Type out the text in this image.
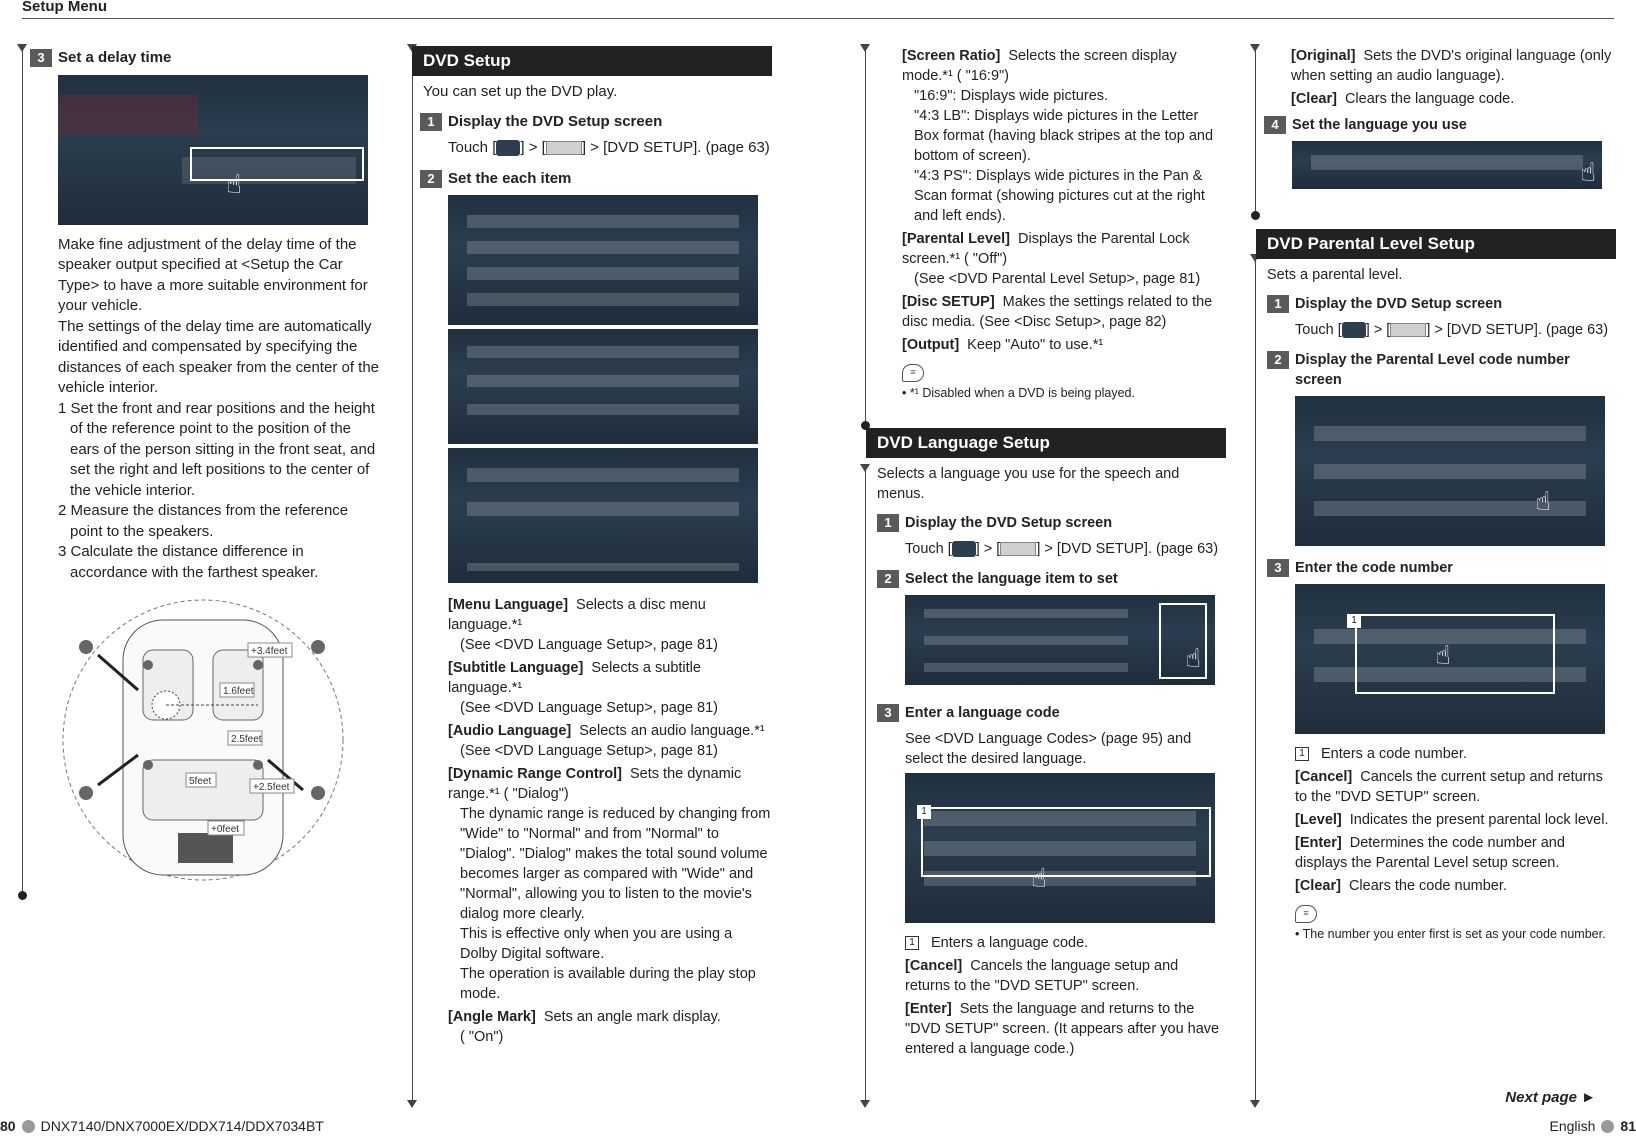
Setup Menu
3 Set a delay time
☝
Make fine adjustment of the delay time of the speaker output specified at <Setup the Car Type> to have a more suitable environment for your vehicle.
The settings of the delay time are automatically identified and compensated by specifying the distances of each speaker from the center of the vehicle interior.
1 Set the front and rear positions and the height of the reference point to the position of the ears of the person sitting in the front seat, and set the right and left positions to the center of the vehicle interior.
2 Measure the distances from the reference point to the speakers.
3 Calculate the distance difference in accordance with the farthest speaker.
+3.4feet
1.6feet
2.5feet
5feet
+2.5feet
+0feet
DVD Setup
You can set up the DVD play.
1 Display the DVD Setup screen
Touch [ ] > [ ] > [DVD SETUP]. (page 63)
2 Set the each item
[Menu Language] Selects a disc menu language.*¹
(See <DVD Language Setup>, page 81)
[Subtitle Language] Selects a subtitle language.*¹
(See <DVD Language Setup>, page 81)
[Audio Language] Selects an audio language.*¹
(See <DVD Language Setup>, page 81)
[Dynamic Range Control] Sets the dynamic range.*¹ ( "Dialog")
The dynamic range is reduced by changing from "Wide" to "Normal" and from "Normal" to "Dialog". "Dialog" makes the total sound volume becomes larger as compared with "Wide" and "Normal", allowing you to listen to the movie's dialog more clearly.
This is effective only when you are using a Dolby Digital software.
The operation is available during the play stop mode.
[Angle Mark] Sets an angle mark display.
( "On")
[Screen Ratio] Selects the screen display mode.*¹ ( "16:9")
"16:9": Displays wide pictures.
"4:3 LB": Displays wide pictures in the Letter Box format (having black stripes at the top and bottom of screen).
"4:3 PS": Displays wide pictures in the Pan & Scan format (showing pictures cut at the right and left ends).
[Parental Level] Displays the Parental Lock screen.*¹ ( "Off")
(See <DVD Parental Level Setup>, page 81)
[Disc SETUP] Makes the settings related to the disc media. (See <Disc Setup>, page 82)
[Output] Keep "Auto" to use.*¹
≡
• *¹ Disabled when a DVD is being played.
DVD Language Setup
Selects a language you use for the speech and menus.
1 Display the DVD Setup screen
Touch [ ] > [ ] > [DVD SETUP]. (page 63)
2 Select the language item to set
☝
3 Enter a language code
See <DVD Language Codes> (page 95) and select the desired language.
1
☝
1 Enters a language code.
[Cancel] Cancels the language setup and returns to the "DVD SETUP" screen.
[Enter] Sets the language and returns to the "DVD SETUP" screen. (It appears after you have entered a language code.)
[Original] Sets the DVD's original language (only when setting an audio language).
[Clear] Clears the language code.
4 Set the language you use
☝
DVD Parental Level Setup
Sets a parental level.
1 Display the DVD Setup screen
Touch [ ] > [ ] > [DVD SETUP]. (page 63)
2 Display the Parental Level code number screen
☝
3 Enter the code number
1
☝
1 Enters a code number.
[Cancel] Cancels the current setup and returns to the "DVD SETUP" screen.
[Level] Indicates the present parental lock level.
[Enter] Determines the code number and displays the Parental Level setup screen.
[Clear] Clears the code number.
≡
• The number you enter first is set as your code number.
Next page ►
80 DNX7140/DNX7000EX/DDX714/DDX7034BT	English 81
